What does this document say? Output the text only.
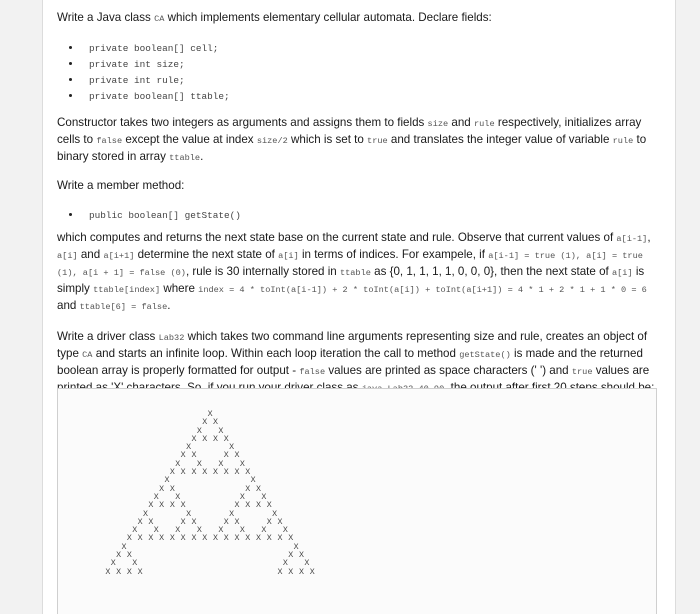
Write a Java class CA which implements elementary cellular automata. Declare fields:

private boolean[] cell;
private int size;
private int rule;
private boolean[] ttable;

Constructor takes two integers as arguments and assigns them to fields size and rule respectively, initializes array cells to false except the value at index size/2 which is set to true and translates the integer value of variable rule to binary stored in array ttable.

Write a member method:

public boolean[] getState()

which computes and returns the next state base on the current state and rule. Observe that current values of a[i-1], a[i] and a[i+1] determine the next state of a[i] in terms of indices. For exampele, if a[i-1] = true (1), a[i] = true (1), a[i + 1] = false (0), rule is 30 internally stored in ttable as {0, 1, 1, 1, 1, 0, 0, 0}, then the next state of a[i] is simply ttable[index] where index = 4 * toInt(a[i-1]) + 2 * toInt(a[i]) + toInt(a[i+1]) = 4 * 1 + 2 * 1 + 1 * 0 = 6 and ttable[6] = false.

Write a driver class Lab32 which takes two command line arguments representing size and rule, creates an object of type CA and starts an infinite loop. Within each loop iteration the call to method getState() is made and the returned boolean array is properly formatted for output - false values are printed as space characters (' ') and true values are

X
X X
X   X
X X X X
X       X
X X     X X
X   X   X   X
X X X X X X X X
X               X
X X             X X
X   X           X   X
X X X X         X X X X
X       X       X       X
X X     X X     X X     X X
X   X   X   X   X   X   X   X
X X X X X X X X X X X X X X X X
X                               X
X X                             X X
X   X                           X   X
X X X X                         X X X X
